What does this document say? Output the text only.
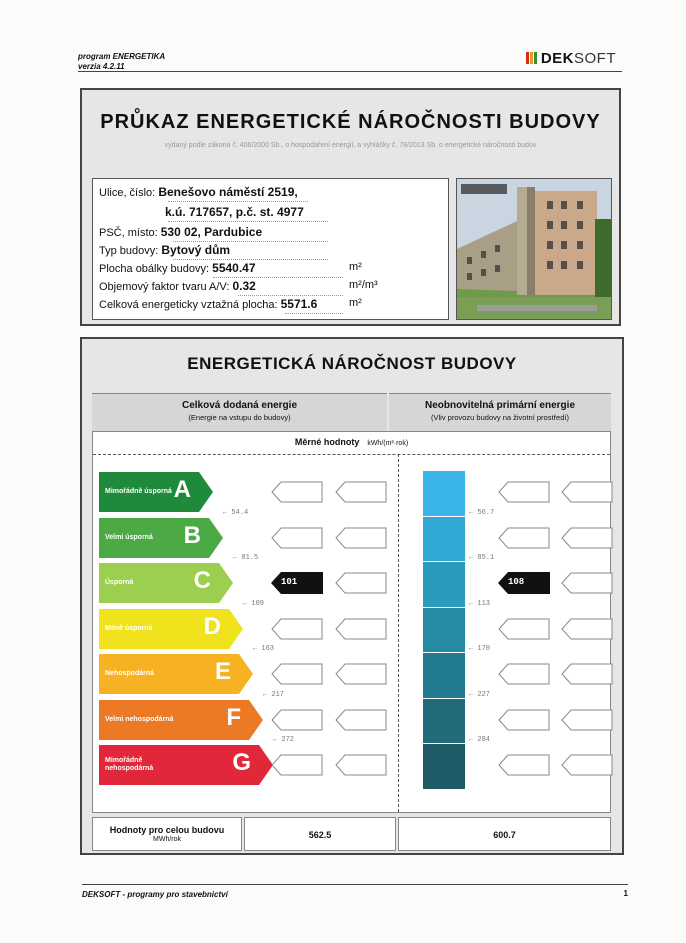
program ENERGETIKA
verzia 4.2.11	DEKSOFT
PRŮKAZ ENERGETICKÉ NÁROČNOSTI BUDOVY
vydaný podle zákona č. 406/2000 Sb., o hospodaření energií, a vyhlášky č. 78/2013 Sb. o energetické náročnosti budov
Ulice, číslo: Benešovo náměstí 2519,
k.ú. 717657, p.č. st. 4977
PSČ, místo: 530 02, Pardubice
Typ budovy: Bytový dům
Plocha obálky budovy: 5540.47	m²
Objemový faktor tvaru A/V: 0.32	m²/m³
Celková energeticky vztažná plocha: 5571.6	m²
ENERGETICKÁ NÁROČNOST BUDOVY
Celková dodaná energie
(Energie na vstupu do budovy)
Neobnovitelná primární energie
(Vliv provozu budovy na životní prostředí)
Měrné hodnoty kWh/(m²·rok)
Mimořádně úsporná A
Velmi úsporná	B
Úsporná	C	101	108
Méně úsporná	D
Nehospodárná	E
Velmi nehospodárná F
Mimořádně nehospodárná	G
← 54.4
← 81.5
← 109
← 163
← 217
← 272
← 56.7
← 85.1
← 113
← 170
← 227
← 284
Hodnoty pro celou budovu
MWh/rok	562.5	600.7
DEKSOFT - programy pro stavebnictví	1
